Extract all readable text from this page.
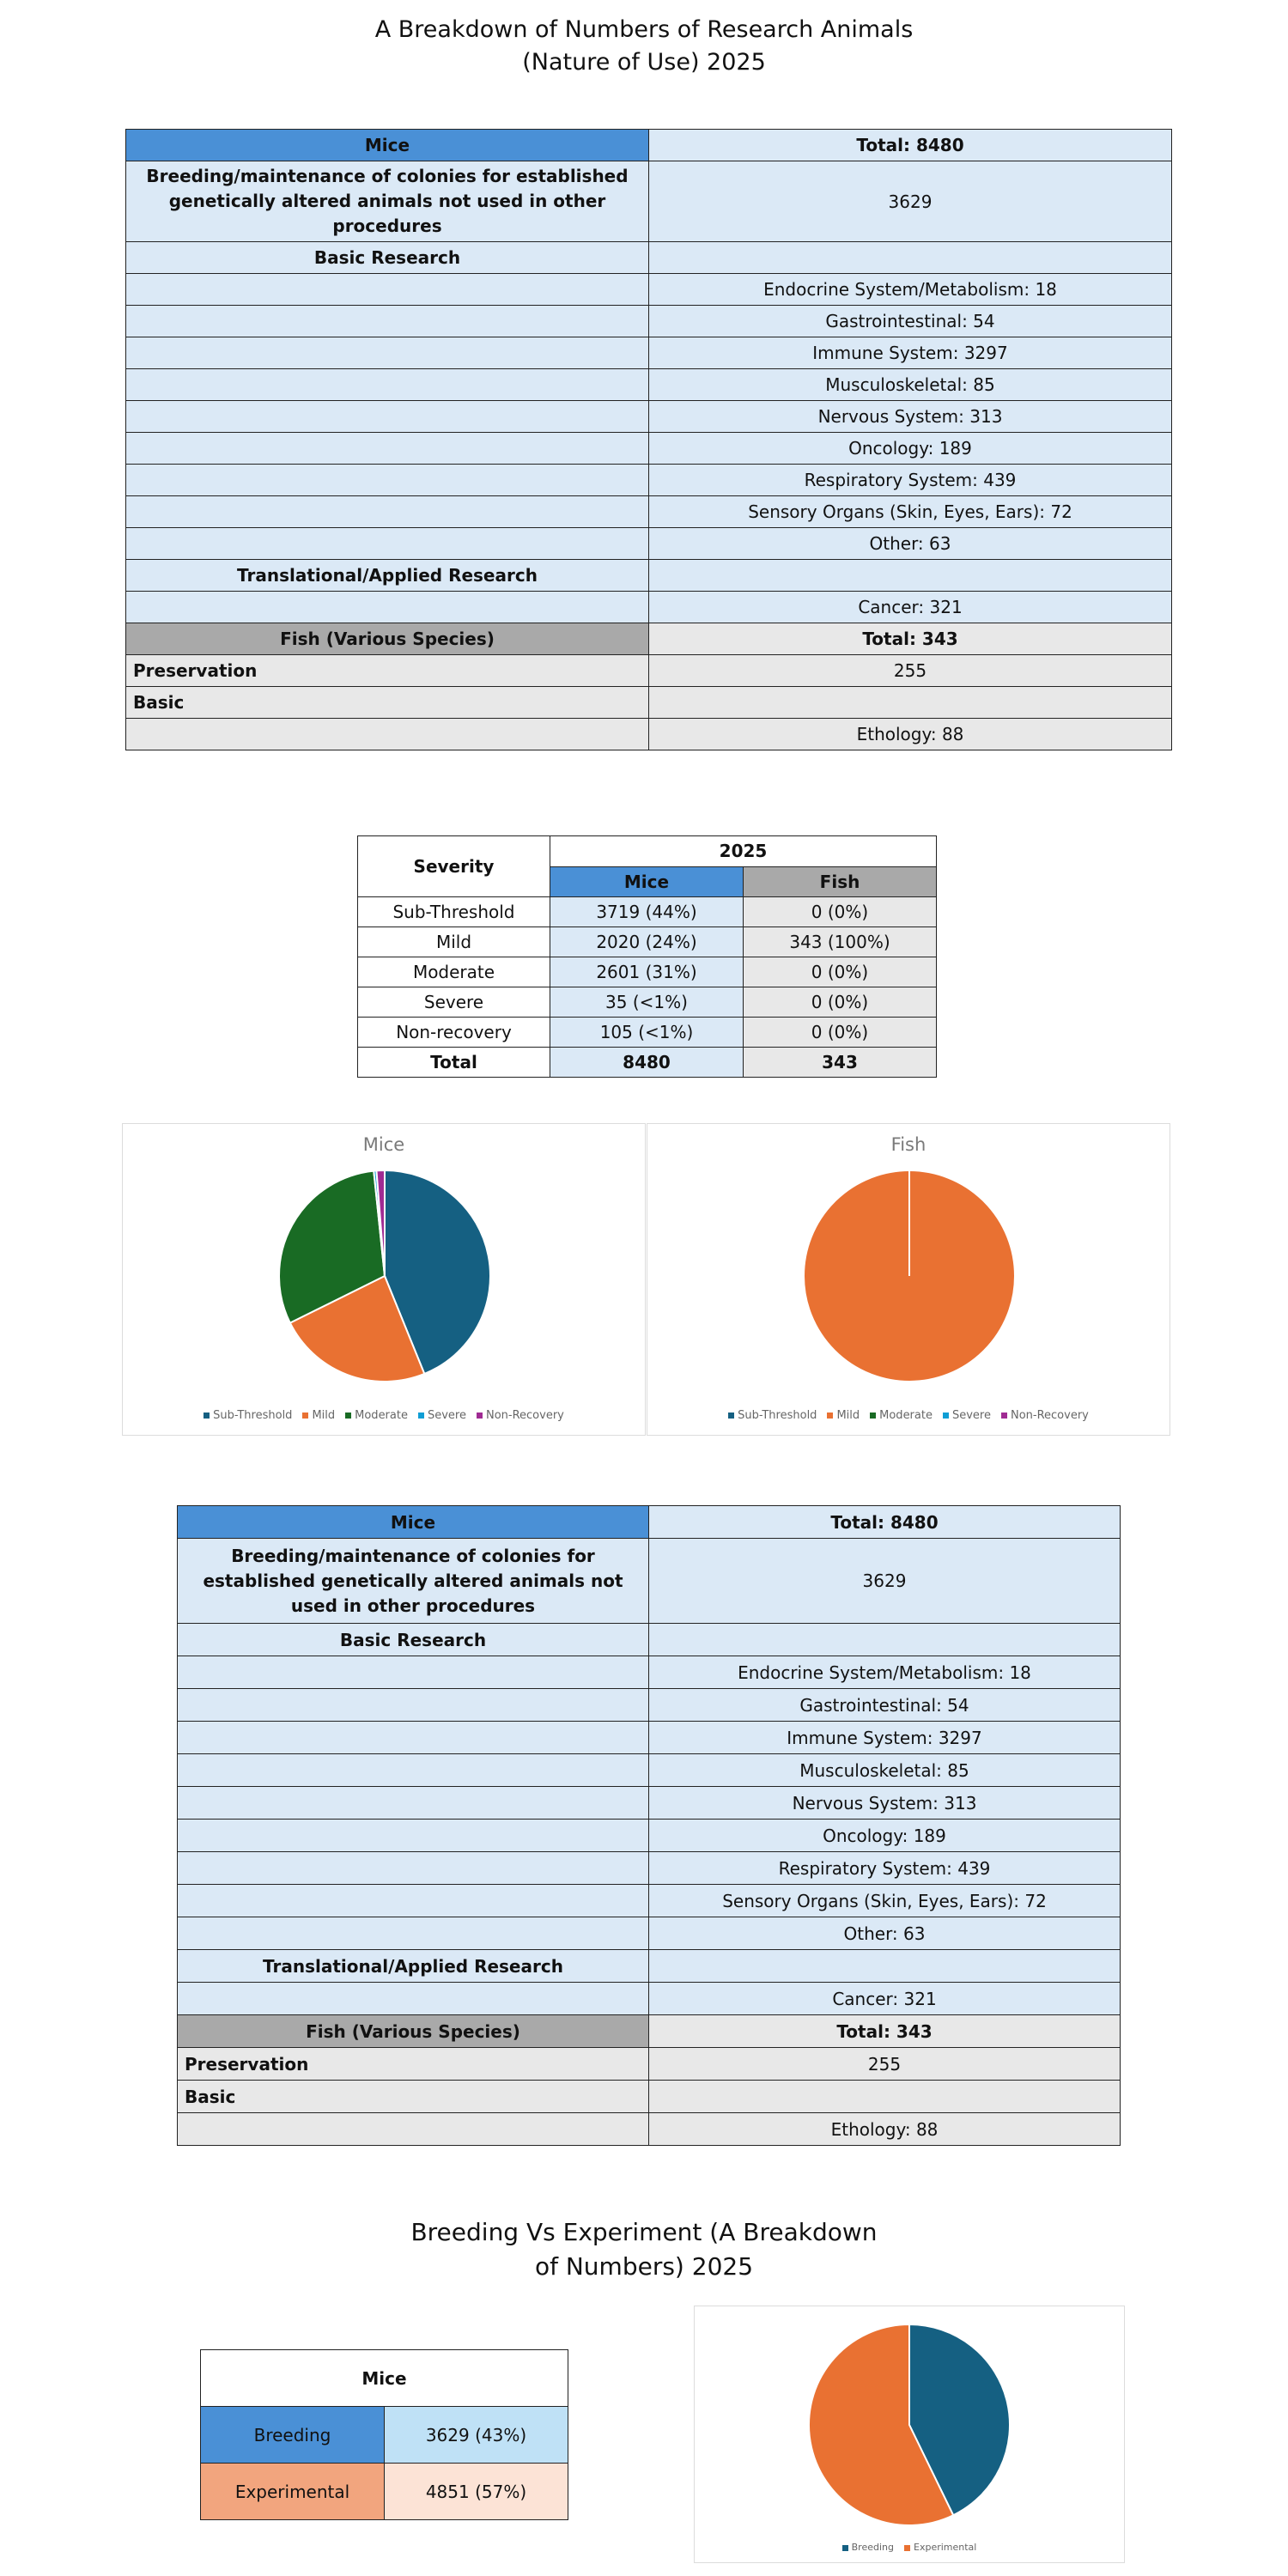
A Breakdown of Numbers of Research Animals
(Nature of Use) 2025
Mice	Total: 8480
Breeding/maintenance of colonies for established genetically altered animals not used in other procedures	3629
Basic Research	
	Endocrine System/Metabolism: 18
	Gastrointestinal: 54
	Immune System: 3297
	Musculoskeletal: 85
	Nervous System: 313
	Oncology: 189
	Respiratory System: 439
	Sensory Organs (Skin, Eyes, Ears): 72
	Other: 63
Translational/Applied Research	
	Cancer: 321
Fish (Various Species)	Total: 343
Preservation	255
Basic	
	Ethology: 88
Severity	2025	
	Mice	Fish
Sub-Threshold	3719 (44%)	0 (0%)
Mild	2020 (24%)	343 (100%)
Moderate	2601 (31%)	0 (0%)
Severe	35 (<1%)	0 (0%)
Non-recovery	105 (<1%)	0 (0%)
Total	8480	343
Mice
Sub-Threshold Mild Moderate Severe Non-Recovery
Fish
Sub-Threshold Mild Moderate Severe Non-Recovery
Mice	Total: 8480
Breeding/maintenance of colonies for established genetically altered animals not used in other procedures	3629
Basic Research	
	Endocrine System/Metabolism: 18
	Gastrointestinal: 54
	Immune System: 3297
	Musculoskeletal: 85
	Nervous System: 313
	Oncology: 189
	Respiratory System: 439
	Sensory Organs (Skin, Eyes, Ears): 72
	Other: 63
Translational/Applied Research	
	Cancer: 321
Fish (Various Species)	Total: 343
Preservation	255
Basic	
	Ethology: 88
Breeding Vs Experiment (A Breakdown
of Numbers) 2025
Mice	
Breeding	3629 (43%)
Experimental	4851 (57%)
Breeding Experimental
